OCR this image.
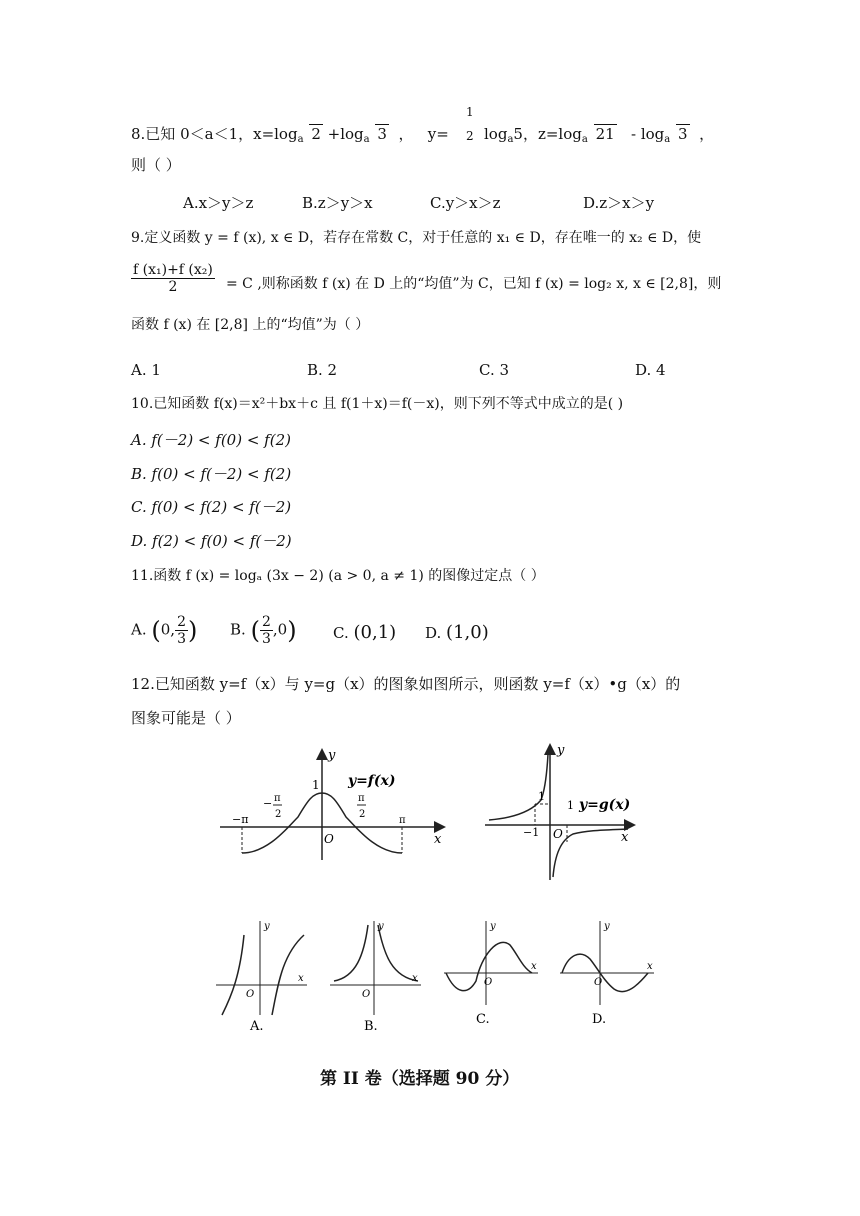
8.已知 0＜a＜1，$x=\log_a$ $2 +\log_a$ 3  ，   y=
1
2 $\log_a5$，$z=\log_a$ $21 - \log_a 3$  ，
则（ ）
A.x＞y＞z	B.z＞y＞x	C.y＞x＞z	D.z＞x＞y
9.定义函数 y = f (x), x ∈ D，若存在常数 C，对于任意的 x₁ ∈ D，存在唯一的 x₂ ∈ D，使
$\frac{\text{f (x₁)+f (x₂)}}{2} = C$ ,则称函数 f (x) 在 D 上的“均值”为 C，已知 f (x) = log₂ x, x ∈ [2,8]，则
函数 f (x) 在 [2,8] 上的“均值”为（ ）
A. 1	B. 2	C. 3	D. 4
10.已知函数 f(x)＝x²＋bx＋c 且 f(1＋x)＝f(－x)，则下列不等式中成立的是( )
A. f(－2) < f(0) < f(2)
B. f(0) < f(－2) < f(2)
C. f(0) < f(2) < f(－2)
D. f(2) < f(0) < f(－2)
11.函数 f (x) = logₐ (3x − 2) (a > 0, a ≠ 1) 的图像过定点（ ）
A. (0, $\frac{2}{3}$ ) B. ( $\frac{2}{3} ,0$) C. (0,1) D. (1,0)
12.已知函数 y=f（x）与 y=g（x）的图象如图所示，则函数 y=f（x）•g（x）的
图象可能是（ ）
y
1 y=f(x)
−π
− π
2
π
2
O
π
x
y
1
1 y=g(x)
−1 O	x
y
O
x
A.
y
O
x
B.
y
O
x
C.
y
O
x
D.
第 II 卷（选择题 90 分）
